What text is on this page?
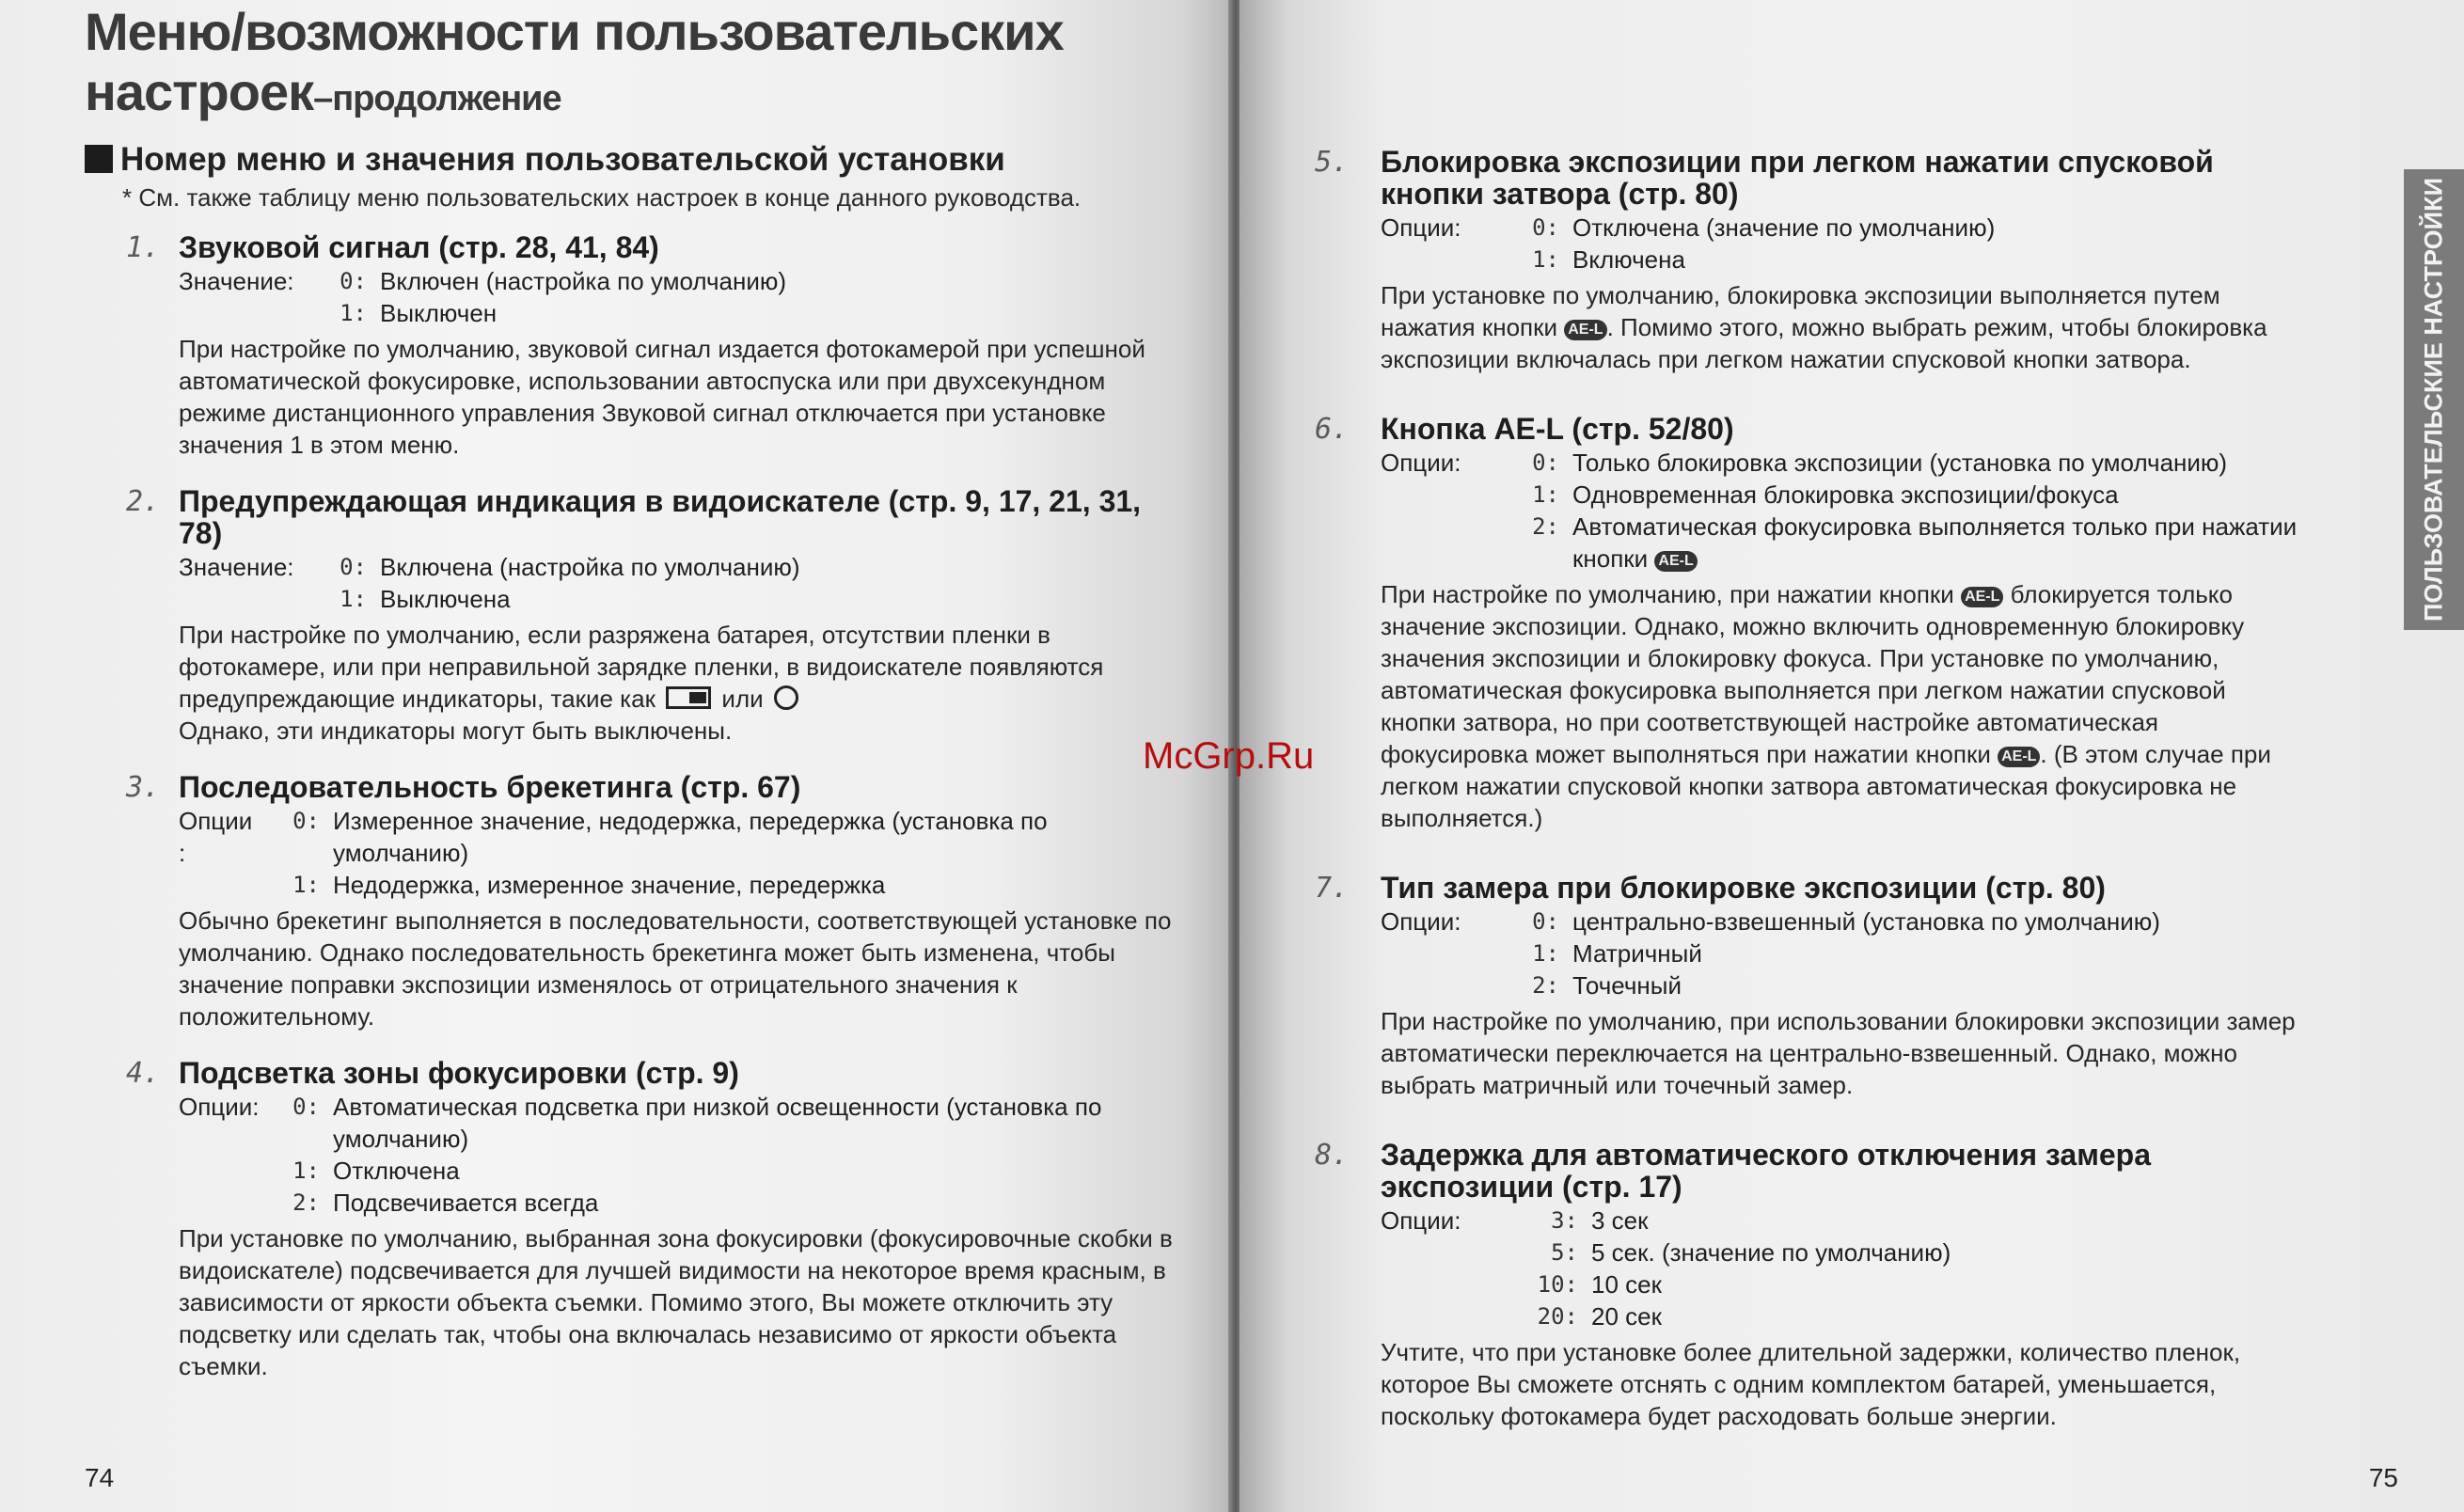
Меню/возможности пользовательских
настроек–продолжение
Номер меню и значения пользовательской установки

* См. также таблицу меню пользовательских настроек в конце данного руководства.

1. Звуковой сигнал (стр. 28, 41, 84)

Значение:	0: Включен (настройка по умолчанию)
1: Выключен

При настройке по умолчанию, звуковой сигнал издается фотокамерой при успешной автоматической фокусировке, использовании автоспуска или при двухсекундном режиме дистанционного управления Звуковой сигнал отключается при установке значения 1 в этом меню.

2. Предупреждающая индикация в видоискателе (стр. 9, 17, 21, 31, 78)

Значение:	0: Включена (настройка по умолчанию)
1: Выключена

При настройке по умолчанию, если разряжена батарея, отсутствии пленки в фотокамере, или при неправильной зарядке пленки, в видоискателе появляются предупреждающие индикаторы, такие как	или
Однако, эти индикаторы могут быть выключены.

3. Последовательность брекетинга (стр. 67)

Опции :
0: Измеренное значение, недодержка, передержка (установка по умолчанию)
1: Недодержка, измеренное значение, передержка

Обычно брекетинг выполняется в последовательности, соответствующей установке по умолчанию. Однако последовательность брекетинга может быть изменена, чтобы значение поправки экспозиции изменялось от отрицательного значения к положительному.

4. Подсветка зоны фокусировки (стр. 9)

Опции:	0: Автоматическая подсветка при низкой освещенности (установка по умолчанию)
1: Отключена
2: Подсвечивается всегда

При установке по умолчанию, выбранная зона фокусировки (фокусировочные скобки в видоискателе) подсвечивается для лучшей видимости на некоторое время красным, в зависимости от яркости объекта съемки. Помимо этого, Вы можете отключить эту подсветку или сделать так, чтобы она включалась независимо от яркости объекта съемки.

74
5. Блокировка экспозиции при легком нажатии спусковой кнопки затвора (стр. 80)

Опции:	0: Отключена (значение по умолчанию)
1: Включена

При установке по умолчанию, блокировка экспозиции выполняется путем нажатия кнопки AE-L . Помимо этого, можно выбрать режим, чтобы блокировка экспозиции включалась при легком нажатии спусковой кнопки затвора.

6. Кнопка AE-L (стр. 52/80)

Опции:	0: Только блокировка экспозиции (установка по умолчанию)
1: Одновременная блокировка экспозиции/фокуса
2: Автоматическая фокусировка выполняется только при нажатии кнопки AE-L

При настройке по умолчанию, при нажатии кнопки AE-L блокируется только значение экспозиции. Однако, можно включить одновременную блокировку значения экспозиции и блокировку фокуса. При установке по умолчанию, автоматическая фокусировка выполняется при легком нажатии спусковой кнопки затвора, но при соответствующей настройке автоматическая фокусировка может выполняться при нажатии кнопки AE-L . (В этом случае при легком нажатии спусковой кнопки затвора автоматическая фокусировка не выполняется.)

7. Тип замера при блокировке экспозиции (стр. 80)

Опции:	0: центрально-взвешенный (установка по умолчанию)
1: Матричный
2: Точечный

При настройке по умолчанию, при использовании блокировки экспозиции замер автоматически переключается на центрально-взвешенный. Однако, можно выбрать матричный или точечный замер.

8. Задержка для автоматического отключения замера экспозиции (стр. 17)

Опции:	3: 3 сек
5: 5 сек. (значение по умолчанию)
10: 10 сек
20: 20 сек

Учтите, что при установке более длительной задержки, количество пленок, которое Вы сможете отснять с одним комплектом батарей, уменьшается, поскольку фотокамера будет расходовать больше энергии.

ПОЛЬЗОВАТЕЛЬСКИЕ НАСТРОЙКИ
75
McGrp.Ru
